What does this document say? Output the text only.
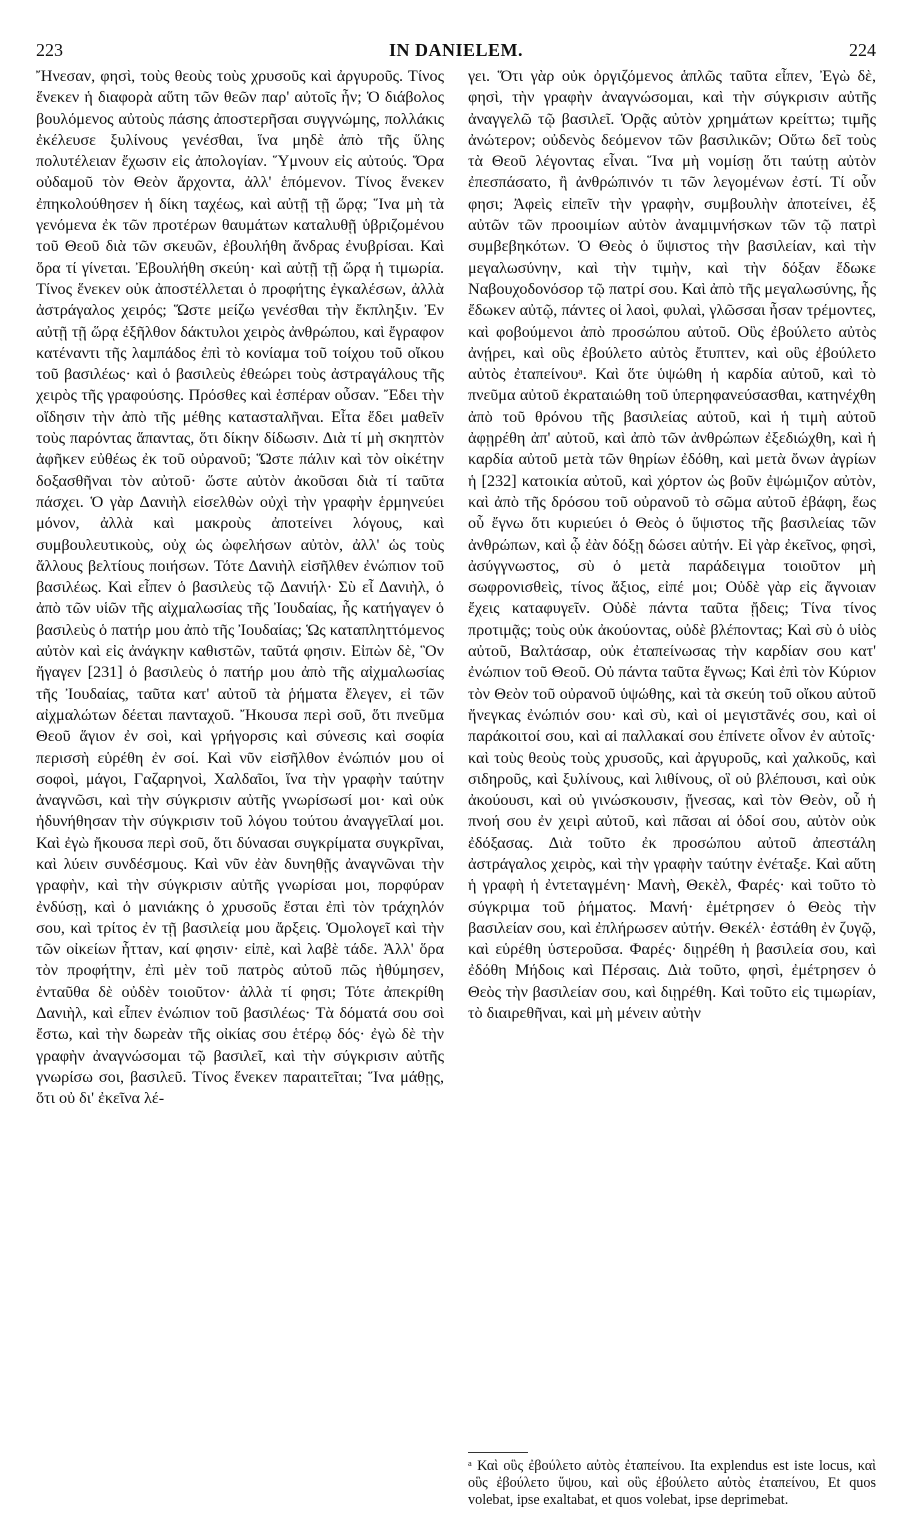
223	IN DANIELEM.	224

Ἤνεσαν, φησὶ, τοὺς θεοὺς τοὺς χρυσοῦς καὶ ἀργυροῦς. Τίνος ἕνεκεν ἡ διαφορὰ αὕτη τῶν θεῶν παρ' αὐτοῖς ἦν; Ὁ διάβολος βουλόμενος αὐτοὺς πάσης ἀποστερῆσαι συγγνώμης, πολλάκις ἐκέλευσε ξυλίνους γενέσθαι, ἵνα μηδὲ ἀπὸ τῆς ὕλης πολυτέλειαν ἔχωσιν εἰς ἀπολογίαν. Ὕμνουν εἰς αὐτούς. Ὅρα οὐδαμοῦ τὸν Θεὸν ἄρχοντα, ἀλλ' ἑπόμενον. Τίνος ἕνεκεν ἐπηκολούθησεν ἡ δίκη ταχέως, καὶ αὐτῇ τῇ ὥρᾳ; Ἵνα μὴ τὰ γενόμενα ἐκ τῶν προτέρων θαυμάτων καταλυθῇ ὑβριζομένου τοῦ Θεοῦ διὰ τῶν σκευῶν, ἐβουλήθη ἄνδρας ἐνυβρίσαι. Καὶ ὅρα τί γίνεται. Ἐβουλήθη σκεύη· καὶ αὐτῇ τῇ ὥρᾳ ἡ τιμωρία. Τίνος ἕνεκεν οὐκ ἀποστέλλεται ὁ προφήτης ἐγκαλέσων, ἀλλὰ ἀστράγαλος χειρός; Ὥστε μείζω γενέσθαι τὴν ἔκπληξιν. Ἐν αὐτῇ τῇ ὥρᾳ ἐξῆλθον δάκτυλοι χειρὸς ἀνθρώπου, καὶ ἔγραφον κατέναντι τῆς λαμπάδος ἐπὶ τὸ κονίαμα τοῦ τοίχου τοῦ οἴκου τοῦ βασιλέως· καὶ ὁ βασιλεὺς ἐθεώρει τοὺς ἀστραγάλους τῆς χειρὸς τῆς γραφούσης. Πρόσθες καὶ ἑσπέραν οὖσαν. Ἔδει τὴν οἴδησιν τὴν ἀπὸ τῆς μέθης κατασταλῆναι. Εἶτα ἔδει μαθεῖν τοὺς παρόντας ἅπαντας, ὅτι δίκην δίδωσιν. Διὰ τί μὴ σκηπτὸν ἀφῆκεν εὐθέως ἐκ τοῦ οὐρανοῦ; Ὥστε πάλιν καὶ τὸν οἰκέτην δοξασθῆναι τὸν αὐτοῦ· ὥστε αὐτὸν ἀκοῦσαι διὰ τί ταῦτα πάσχει. Ὁ γὰρ Δανιὴλ εἰσελθὼν οὐχὶ τὴν γραφὴν ἑρμηνεύει μόνον, ἀλλὰ καὶ μακροὺς ἀποτείνει λόγους, καὶ συμβουλευτικοὺς, οὐχ ὡς ὠφελήσων αὐτὸν, ἀλλ' ὡς τοὺς ἄλλους βελτίους ποιήσων. Τότε Δανιὴλ εἰσῆλθεν ἐνώπιον τοῦ βασιλέως. Καὶ εἶπεν ὁ βασιλεὺς τῷ Δανιήλ· Σὺ εἶ Δανιὴλ, ὁ ἀπὸ τῶν υἱῶν τῆς αἰχμαλωσίας τῆς Ἰουδαίας, ἧς κατήγαγεν ὁ βασιλεὺς ὁ πατήρ μου ἀπὸ τῆς Ἰουδαίας; Ὡς καταπληττόμενος αὐτὸν καὶ εἰς ἀνάγκην καθιστῶν, ταῦτά φησιν. Εἰπὼν δὲ, Ὃν ἤγαγεν [231] ὁ βασιλεὺς ὁ πατήρ μου ἀπὸ τῆς αἰχμαλωσίας τῆς Ἰουδαίας, ταῦτα κατ' αὐτοῦ τὰ ῥήματα ἔλεγεν, εἰ τῶν αἰχμαλώτων δέεται πανταχοῦ. Ἤκουσα περὶ σοῦ, ὅτι πνεῦμα Θεοῦ ἅγιον ἐν σοὶ, καὶ γρήγορσις καὶ σύνεσις καὶ σοφία περισσὴ εὑρέθη ἐν σοί. Καὶ νῦν εἰσῆλθον ἐνώπιόν μου οἱ σοφοὶ, μάγοι, Γαζαρηνοὶ, Χαλδαῖοι, ἵνα τὴν γραφὴν ταύτην ἀναγνῶσι, καὶ τὴν σύγκρισιν αὐτῆς γνωρίσωσί μοι· καὶ οὐκ ἠδυνήθησαν τὴν σύγκρισιν τοῦ λόγου τούτου ἀναγγεῖλαί μοι. Καὶ ἐγὼ ἤκουσα περὶ σοῦ, ὅτι δύνασαι συγκρίματα συγκρῖναι, καὶ λύειν συνδέσμους. Καὶ νῦν ἐὰν δυνηθῇς ἀναγνῶναι τὴν γραφὴν, καὶ τὴν σύγκρισιν αὐτῆς γνωρίσαι μοι, πορφύραν ἐνδύσῃ, καὶ ὁ μανιάκης ὁ χρυσοῦς ἔσται ἐπὶ τὸν τράχηλόν σου, καὶ τρίτος ἐν τῇ βασιλείᾳ μου ἄρξεις. Ὁμολογεῖ καὶ τὴν τῶν οἰκείων ἧτταν, καί φησιν· εἰπὲ, καὶ λαβὲ τάδε. Ἀλλ' ὅρα τὸν προφήτην, ἐπὶ μὲν τοῦ πατρὸς αὐτοῦ πῶς ἠθύμησεν, ἐνταῦθα δὲ οὐδὲν τοιοῦτον· ἀλλὰ τί φησι; Τότε ἀπεκρίθη Δανιὴλ, καὶ εἶπεν ἐνώπιον τοῦ βασιλέως· Τὰ δόματά σου σοὶ ἔστω, καὶ τὴν δωρεὰν τῆς οἰκίας σου ἑτέρῳ δός· ἐγὼ δὲ τὴν γραφὴν ἀναγνώσομαι τῷ βασιλεῖ, καὶ τὴν σύγκρισιν αὐτῆς γνωρίσω σοι, βασιλεῦ. Τίνος ἕνεκεν παραιτεῖται; Ἵνα μάθῃς, ὅτι οὐ δι' ἐκεῖνα λέ-

γει. Ὅτι γὰρ οὐκ ὀργιζόμενος ἁπλῶς ταῦτα εἶπεν, Ἐγὼ δὲ, φησὶ, τὴν γραφὴν ἀναγνώσομαι, καὶ τὴν σύγκρισιν αὐτῆς ἀναγγελῶ τῷ βασιλεῖ. Ὁρᾷς αὐτὸν χρημάτων κρείττω; τιμῆς ἀνώτερον; οὐδενὸς δεόμενον τῶν βασιλικῶν; Οὕτω δεῖ τοὺς τὰ Θεοῦ λέγοντας εἶναι. Ἵνα μὴ νομίσῃ ὅτι ταύτῃ αὐτὸν ἐπεσπάσατο, ἢ ἀνθρώπινόν τι τῶν λεγομένων ἐστί. Τί οὖν φησι; Ἀφεὶς εἰπεῖν τὴν γραφὴν, συμβουλὴν ἀποτείνει, ἐξ αὐτῶν τῶν προοιμίων αὐτὸν ἀναμιμνήσκων τῶν τῷ πατρὶ συμβεβηκότων. Ὁ Θεὸς ὁ ὕψιστος τὴν βασιλείαν, καὶ τὴν μεγαλωσύνην, καὶ τὴν τιμὴν, καὶ τὴν δόξαν ἔδωκε Ναβουχοδονόσορ τῷ πατρί σου. Καὶ ἀπὸ τῆς μεγαλωσύνης, ἧς ἔδωκεν αὐτῷ, πάντες οἱ λαοὶ, φυλαὶ, γλῶσσαι ἦσαν τρέμοντες, καὶ φοβούμενοι ἀπὸ προσώπου αὐτοῦ. Οὓς ἐβούλετο αὐτὸς ἀνῄρει, καὶ οὓς ἐβούλετο αὐτὸς ἔτυπτεν, καὶ οὓς ἐβούλετο αὐτὸς ἐταπείνουᵃ. Καὶ ὅτε ὑψώθη ἡ καρδία αὐτοῦ, καὶ τὸ πνεῦμα αὐτοῦ ἐκραταιώθη τοῦ ὑπερηφανεύσασθαι, κατηνέχθη ἀπὸ τοῦ θρόνου τῆς βασιλείας αὐτοῦ, καὶ ἡ τιμὴ αὐτοῦ ἀφῃρέθη ἀπ' αὐτοῦ, καὶ ἀπὸ τῶν ἀνθρώπων ἐξεδιώχθη, καὶ ἡ καρδία αὐτοῦ μετὰ τῶν θηρίων ἐδόθη, καὶ μετὰ ὄνων ἀγρίων ἡ [232] κατοικία αὐτοῦ, καὶ χόρτον ὡς βοῦν ἐψώμιζον αὐτὸν, καὶ ἀπὸ τῆς δρόσου τοῦ οὐρανοῦ τὸ σῶμα αὐτοῦ ἐβάφη, ἕως οὗ ἔγνω ὅτι κυριεύει ὁ Θεὸς ὁ ὕψιστος τῆς βασιλείας τῶν ἀνθρώπων, καὶ ᾧ ἐὰν δόξῃ δώσει αὐτήν. Εἰ γὰρ ἐκεῖνος, φησὶ, ἀσύγγνωστος, σὺ ὁ μετὰ παράδειγμα τοιοῦτον μὴ σωφρονισθεὶς, τίνος ἄξιος, εἰπέ μοι; Οὐδὲ γὰρ εἰς ἄγνοιαν ἔχεις καταφυγεῖν. Οὐδὲ πάντα ταῦτα ᾔδεις; Τίνα τίνος προτιμᾷς; τοὺς οὐκ ἀκούοντας, οὐδὲ βλέποντας; Καὶ σὺ ὁ υἱὸς αὐτοῦ, Βαλτάσαρ, οὐκ ἐταπείνωσας τὴν καρδίαν σου κατ' ἐνώπιον τοῦ Θεοῦ. Οὐ πάντα ταῦτα ἔγνως; Καὶ ἐπὶ τὸν Κύριον τὸν Θεὸν τοῦ οὐρανοῦ ὑψώθης, καὶ τὰ σκεύη τοῦ οἴκου αὐτοῦ ἤνεγκας ἐνώπιόν σου· καὶ σὺ, καὶ οἱ μεγιστᾶνές σου, καὶ οἱ παράκοιτοί σου, καὶ αἱ παλλακαί σου ἐπίνετε οἶνον ἐν αὐτοῖς· καὶ τοὺς θεοὺς τοὺς χρυσοῦς, καὶ ἀργυροῦς, καὶ χαλκοῦς, καὶ σιδηροῦς, καὶ ξυλίνους, καὶ λιθίνους, οἳ οὐ βλέπουσι, καὶ οὐκ ἀκούουσι, καὶ οὐ γινώσκουσιν, ᾔνεσας, καὶ τὸν Θεὸν, οὗ ἡ πνοή σου ἐν χειρὶ αὐτοῦ, καὶ πᾶσαι αἱ ὁδοί σου, αὐτὸν οὐκ ἐδόξασας. Διὰ τοῦτο ἐκ προσώπου αὐτοῦ ἀπεστάλη ἀστράγαλος χειρὸς, καὶ τὴν γραφὴν ταύτην ἐνέταξε. Καὶ αὕτη ἡ γραφὴ ἡ ἐντεταγμένη· Μανὴ, Θεκὲλ, Φαρές· καὶ τοῦτο τὸ σύγκριμα τοῦ ῥήματος. Μανή· ἐμέτρησεν ὁ Θεὸς τὴν βασιλείαν σου, καὶ ἐπλήρωσεν αὐτήν. Θεκέλ· ἐστάθη ἐν ζυγῷ, καὶ εὑρέθη ὑστεροῦσα. Φαρές· διῃρέθη ἡ βασιλεία σου, καὶ ἐδόθη Μήδοις καὶ Πέρσαις. Διὰ τοῦτο, φησὶ, ἐμέτρησεν ὁ Θεὸς τὴν βασιλείαν σου, καὶ διῃρέθη. Καὶ τοῦτο εἰς τιμωρίαν, τὸ διαιρεθῆναι, καὶ μὴ μένειν αὐτὴν

ᵃ Καὶ οὓς ἐβούλετο αὐτὸς ἐταπείνου. Ita explendus est iste locus, καὶ οὓς ἐβούλετο ὕψου, καὶ οὓς ἐβούλετο αὐτὸς ἐταπείνου, Et quos volebat, ipse exaltabat, et quos volebat, ipse deprimebat.
